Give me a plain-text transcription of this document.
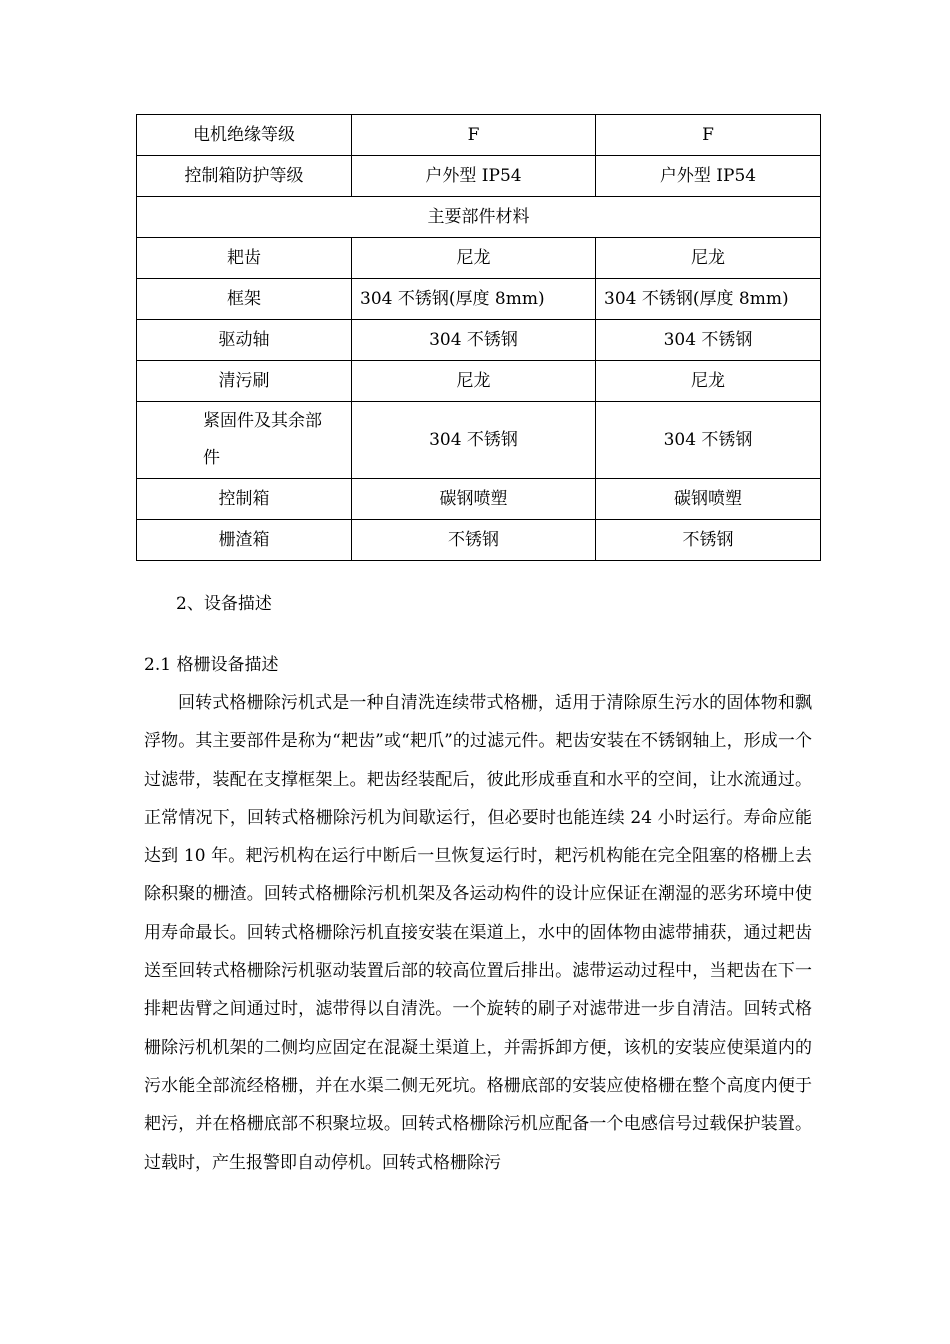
电机绝缘等级	F	F
控制箱防护等级	户外型 IP54	户外型 IP54
主要部件材料		
耙齿	尼龙	尼龙
框架	304 不锈钢(厚度 8mm)	304 不锈钢(厚度 8mm)
驱动轴	304 不锈钢	304 不锈钢
清污刷	尼龙	尼龙

紧固件及其余部
件	304 不锈钢	304 不锈钢
控制箱	碳钢喷塑	碳钢喷塑
栅渣箱	不锈钢	不锈钢
2、设备描述
2.1 格栅设备描述

回转式格栅除污机式是一种自清洗连续带式格栅，适用于清除原生污水的固体物和飘浮物。其主要部件是称为“耙齿”或“耙爪”的过滤元件。耙齿安装在不锈钢轴上，形成一个过滤带，装配在支撑框架上。耙齿经装配后，彼此形成垂直和水平的空间，让水流通过。正常情况下，回转式格栅除污机为间歇运行，但必要时也能连续 24 小时运行。寿命应能达到 10 年。耙污机构在运行中断后一旦恢复运行时，耙污机构能在完全阻塞的格栅上去除积聚的栅渣。回转式格栅除污机机架及各运动构件的设计应保证在潮湿的恶劣环境中使用寿命最长。回转式格栅除污机直接安装在渠道上，水中的固体物由滤带捕获，通过耙齿送至回转式格栅除污机驱动装置后部的较高位置后排出。滤带运动过程中，当耙齿在下一排耙齿臂之间通过时，滤带得以自清洗。一个旋转的刷子对滤带进一步自清洁。回转式格栅除污机机架的二侧均应固定在混凝土渠道上，并需拆卸方便，该机的安装应使渠道内的污水能全部流经格栅，并在水渠二侧无死坑。格栅底部的安装应使格栅在整个高度内便于耙污，并在格栅底部不积聚垃圾。回转式格栅除污机应配备一个电感信号过载保护装置。过载时，产生报警即自动停机。回转式格栅除污
